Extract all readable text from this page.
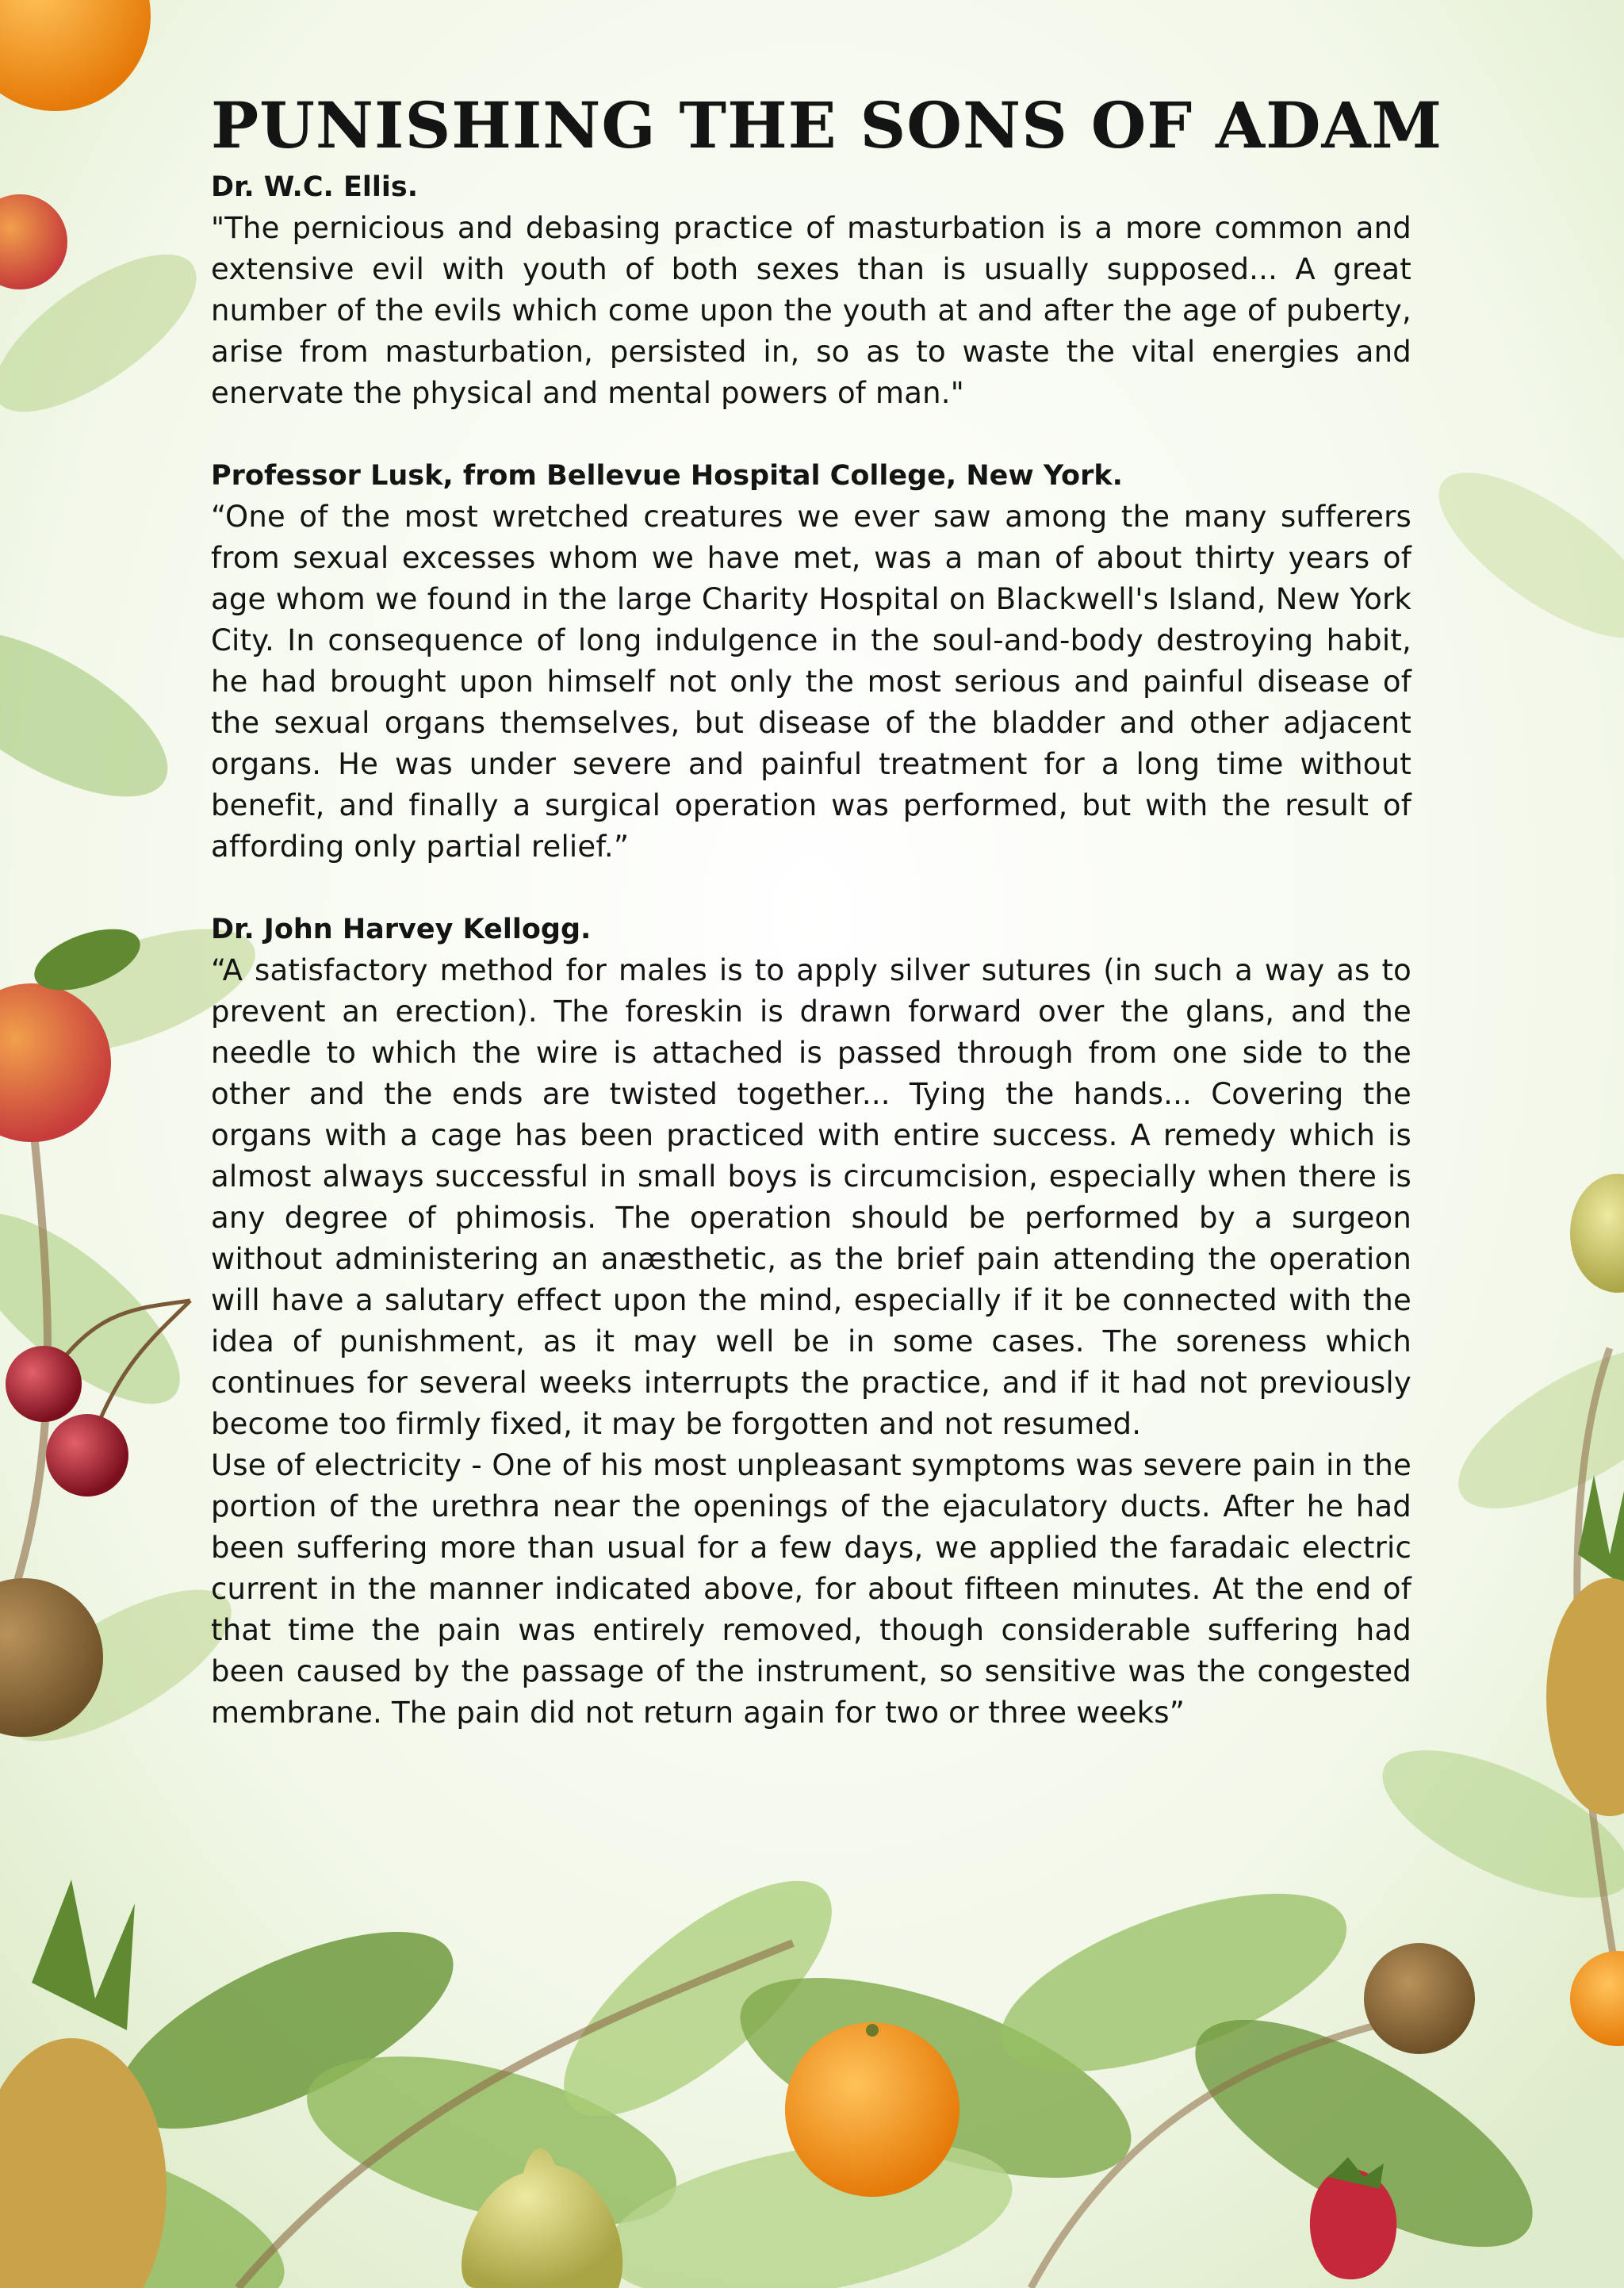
PUNISHING THE SONS OF ADAM

Dr. W.C. Ellis.

"The pernicious and debasing practice of masturbation is a more common and extensive evil with youth of both sexes than is usually supposed... A great number of the evils which come upon the youth at and after the age of puberty, arise from masturbation, persisted in, so as to waste the vital energies and enervate the physical and mental powers of man."

Professor Lusk, from Bellevue Hospital College, New York.

“One of the most wretched creatures we ever saw among the many sufferers from sexual excesses whom we have met, was a man of about thirty years of age whom we found in the large Charity Hospital on Blackwell's Island, New York City. In consequence of long indulgence in the soul-and-body destroying habit, he had brought upon himself not only the most serious and painful disease of the sexual organs themselves, but disease of the bladder and other adjacent organs. He was under severe and painful treatment for a long time without benefit, and finally a surgical operation was performed, but with the result of affording only partial relief.”

Dr. John Harvey Kellogg.

“A satisfactory method for males is to apply silver sutures (in such a way as to prevent an erection). The foreskin is drawn forward over the glans, and the needle to which the wire is attached is passed through from one side to the other and the ends are twisted together... Tying the hands... Covering the organs with a cage has been practiced with entire success. A remedy which is almost always successful in small boys is circumcision, especially when there is any degree of phimosis. The operation should be performed by a surgeon without administering an anæsthetic, as the brief pain attending the operation will have a salutary effect upon the mind, especially if it be connected with the idea of punishment, as it may well be in some cases. The soreness which continues for several weeks interrupts the practice, and if it had not previously become too firmly fixed, it may be forgotten and not resumed.

Use of electricity - One of his most unpleasant symptoms was severe pain in the portion of the urethra near the openings of the ejaculatory ducts. After he had been suffering more than usual for a few days, we applied the faradaic electric current in the manner indicated above, for about fifteen minutes. At the end of that time the pain was entirely removed, though considerable suffering had been caused by the passage of the instrument, so sensitive was the congested membrane. The pain did not return again for two or three weeks”
